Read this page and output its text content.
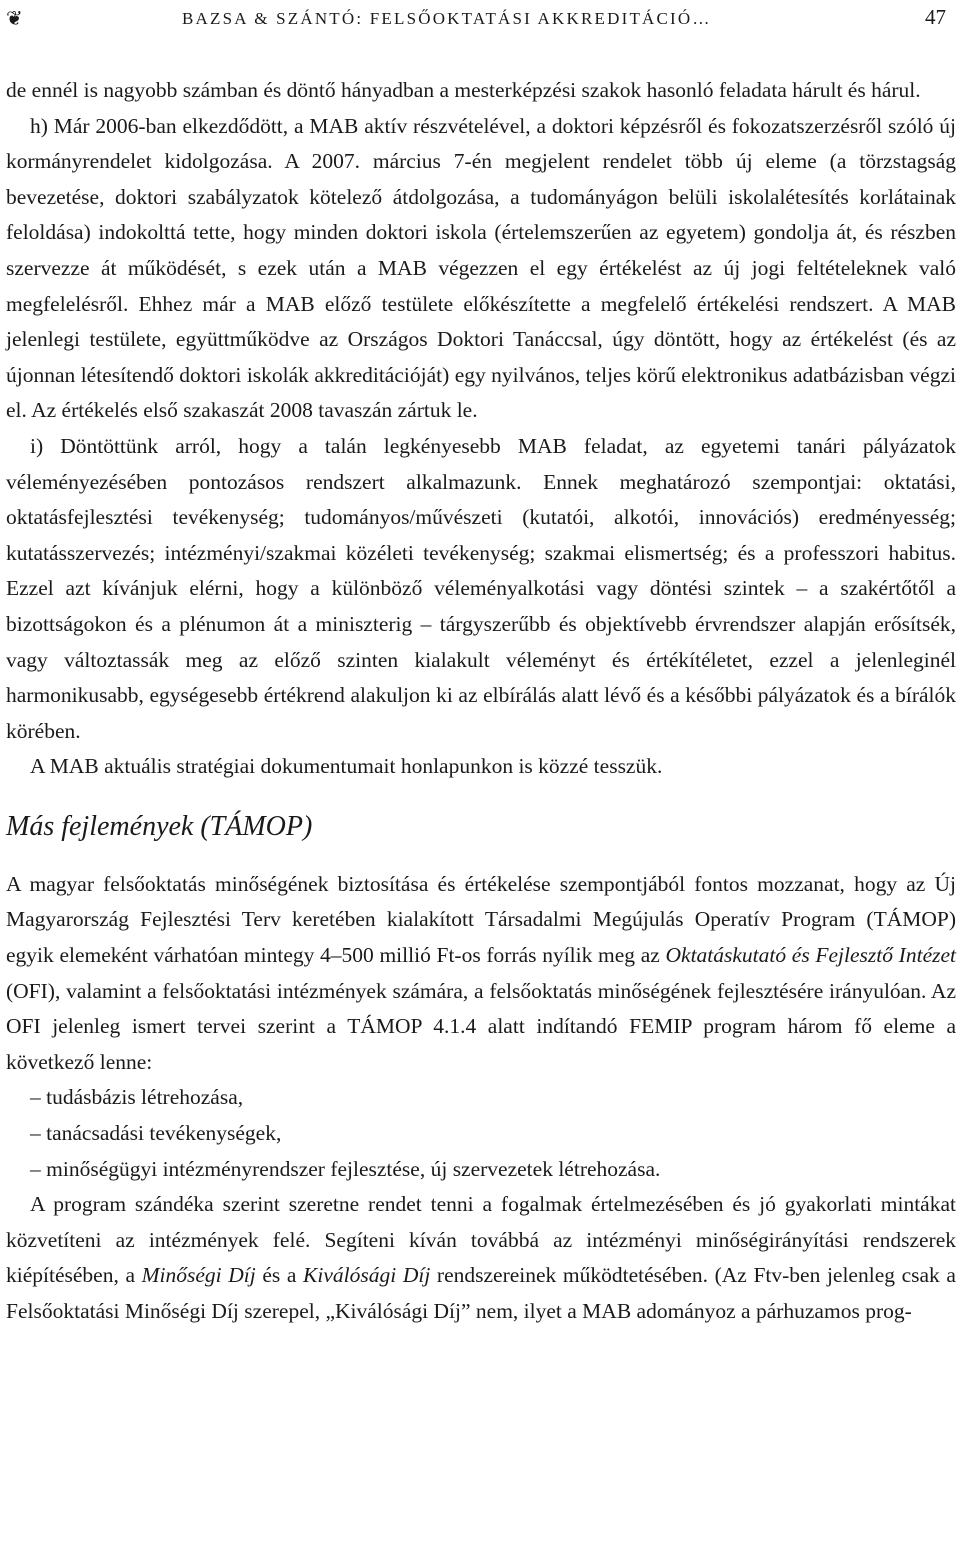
❦	BAZSA & SZÁNTÓ: FELSŐOKTATÁSI AKKREDITÁCIÓ…	47

de ennél is nagyobb számban és döntő hányadban a mesterképzési szakok hasonló feladata hárult és hárul.

h) Már 2006-ban elkezdődött, a MAB aktív részvételével, a doktori képzésről és fokozatszerzésről szóló új kormányrendelet kidolgozása. A 2007. március 7-én megjelent rendelet több új eleme (a törzstagság bevezetése, doktori szabályzatok kötelező átdolgozása, a tudományágon belüli iskolalétesítés korlátainak feloldása) indokolttá tette, hogy minden doktori iskola (értelemszerűen az egyetem) gondolja át, és részben szervezze át működését, s ezek után a MAB végezzen el egy értékelést az új jogi feltételeknek való megfelelésről. Ehhez már a MAB előző testülete előkészítette a megfelelő értékelési rendszert. A MAB jelenlegi testülete, együttműködve az Országos Doktori Tanáccsal, úgy döntött, hogy az értékelést (és az újonnan létesítendő doktori iskolák akkreditációját) egy nyilvános, teljes körű elektronikus adatbázisban végzi el. Az értékelés első szakaszát 2008 tavaszán zártuk le.

i) Döntöttünk arról, hogy a talán legkényesebb MAB feladat, az egyetemi tanári pályázatok véleményezésében pontozásos rendszert alkalmazunk. Ennek meghatározó szempontjai: oktatási, oktatásfejlesztési tevékenység; tudományos/művészeti (kutatói, alkotói, innovációs) eredményesség; kutatásszervezés; intézményi/szakmai közéleti tevékenység; szakmai elismertség; és a professzori habitus. Ezzel azt kívánjuk elérni, hogy a különböző véleményalkotási vagy döntési szintek – a szakértőtől a bizottságokon és a plénumon át a miniszterig – tárgyszerűbb és objektívebb érvrendszer alapján erősítsék, vagy változtassák meg az előző szinten kialakult véleményt és értékítéletet, ezzel a jelenleginél harmonikusabb, egységesebb értékrend alakuljon ki az elbírálás alatt lévő és a későbbi pályázatok és a bírálók körében.

A MAB aktuális stratégiai dokumentumait honlapunkon is közzé tesszük.

Más fejlemények (TÁMOP)

A magyar felsőoktatás minőségének biztosítása és értékelése szempontjából fontos mozzanat, hogy az Új Magyarország Fejlesztési Terv keretében kialakított Társadalmi Megújulás Operatív Program (TÁMOP) egyik elemeként várhatóan mintegy 4–500 millió Ft-os forrás nyílik meg az Oktatáskutató és Fejlesztő Intézet (OFI), valamint a felsőoktatási intézmények számára, a felsőoktatás minőségének fejlesztésére irányulóan. Az OFI jelenleg ismert tervei szerint a TÁMOP 4.1.4 alatt indítandó FEMIP program három fő eleme a következő lenne:

– tudásbázis létrehozása,

– tanácsadási tevékenységek,

– minőségügyi intézményrendszer fejlesztése, új szervezetek létrehozása.

A program szándéka szerint szeretne rendet tenni a fogalmak értelmezésében és jó gyakorlati mintákat közvetíteni az intézmények felé. Segíteni kíván továbbá az intézményi minőségirányítási rendszerek kiépítésében, a Minőségi Díj és a Kiválósági Díj rendszereinek működtetésében. (Az Ftv-ben jelenleg csak a Felsőoktatási Minőségi Díj szerepel, „Kiválósági Díj” nem, ilyet a MAB adományoz a párhuzamos prog-
